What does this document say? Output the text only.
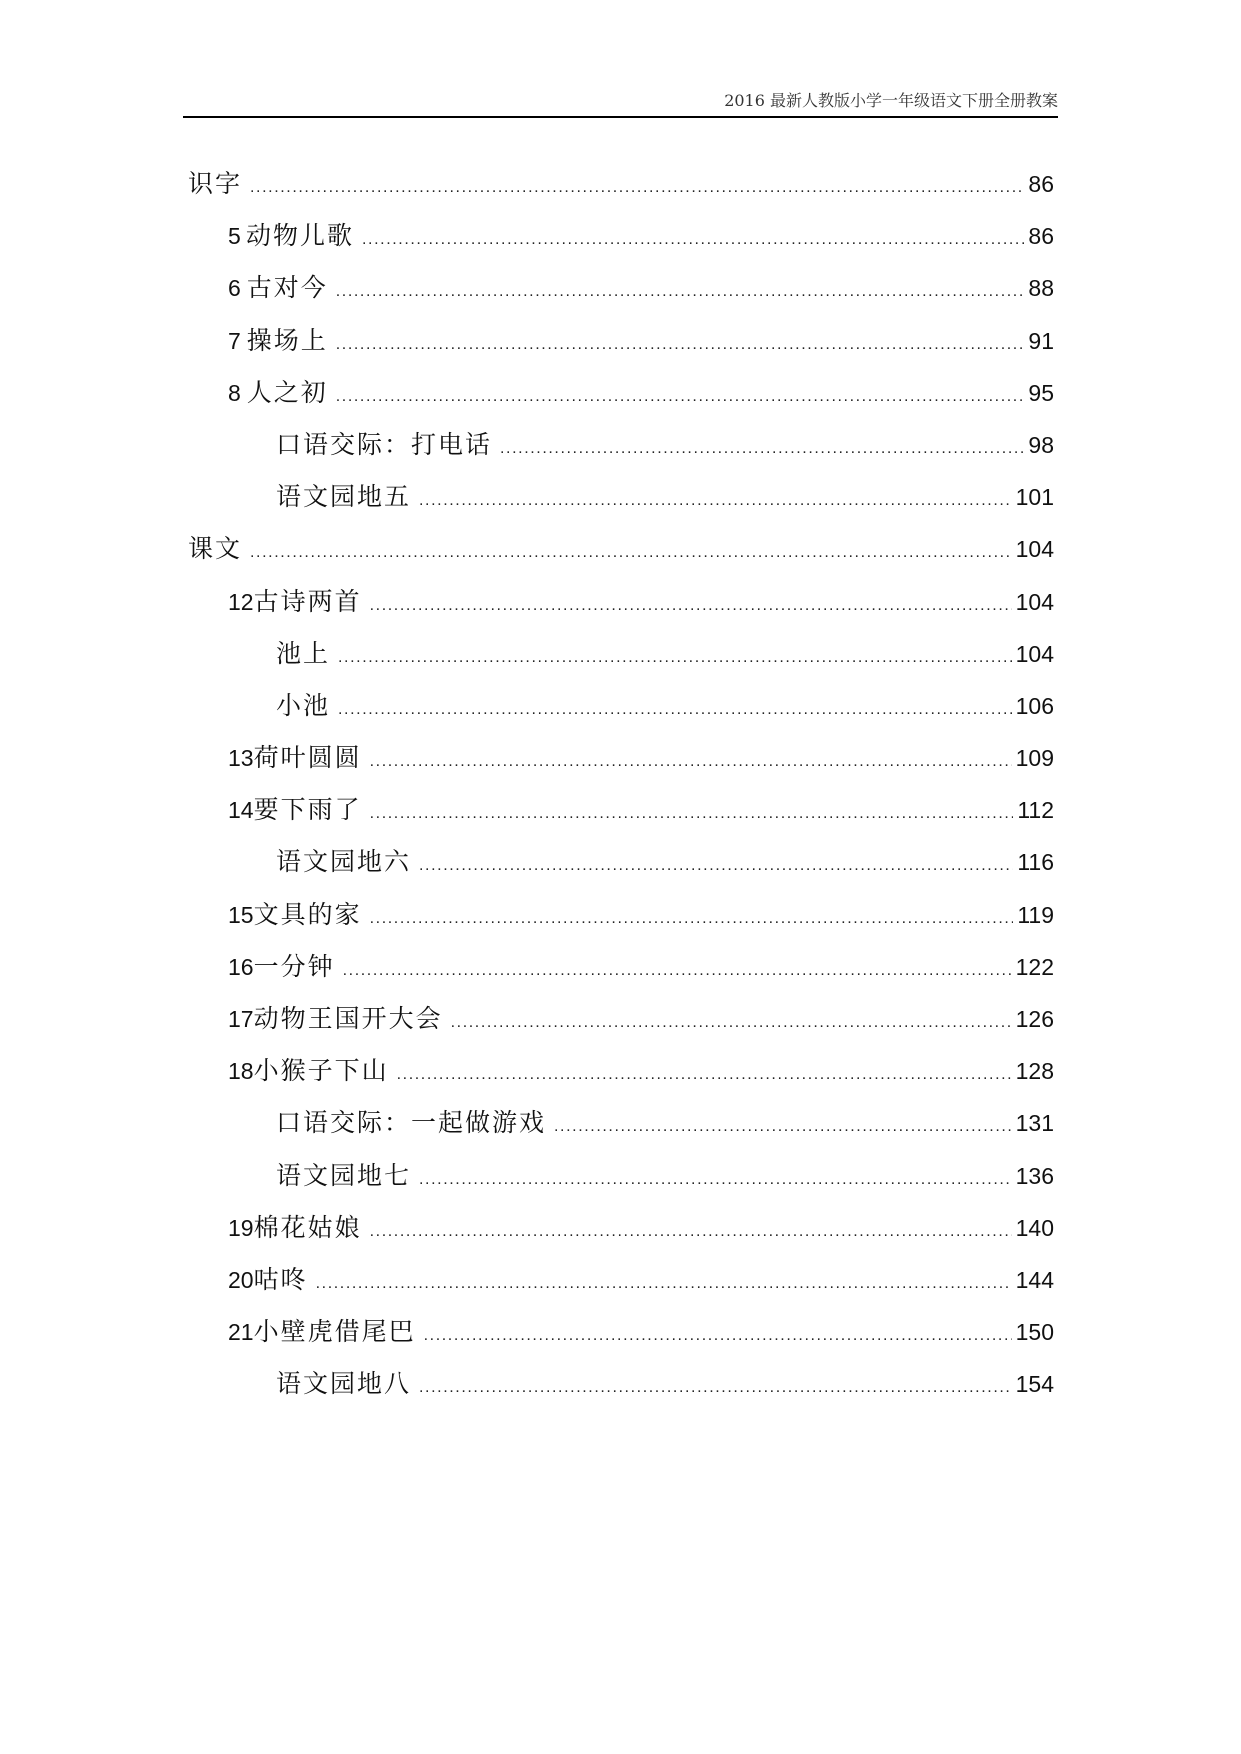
2016 最新人教版小学一年级语文下册全册教案
识字 .....	86
5 动物儿歌 .....	86
6 古对今 .....	88
7 操场上 .....	91
8 人之初 .....	95
口语交际：打电话 .....	98
语文园地五 .....	101
课文 .....	104
12 古诗两首 .....	104
池上 .....	104
小池 .....	106
13 荷叶圆圆 .....	109
14 要下雨了 .....	112
语文园地六 .....	116
15 文具的家 .....	119
16 一分钟 .....	122
17 动物王国开大会 .....	126
18 小猴子下山 .....	128
口语交际：一起做游戏 .....	131
语文园地七 .....	136
19 棉花姑娘 .....	140
20 咕咚 .....	144
21 小壁虎借尾巴 .....	150
语文园地八 .....	154
